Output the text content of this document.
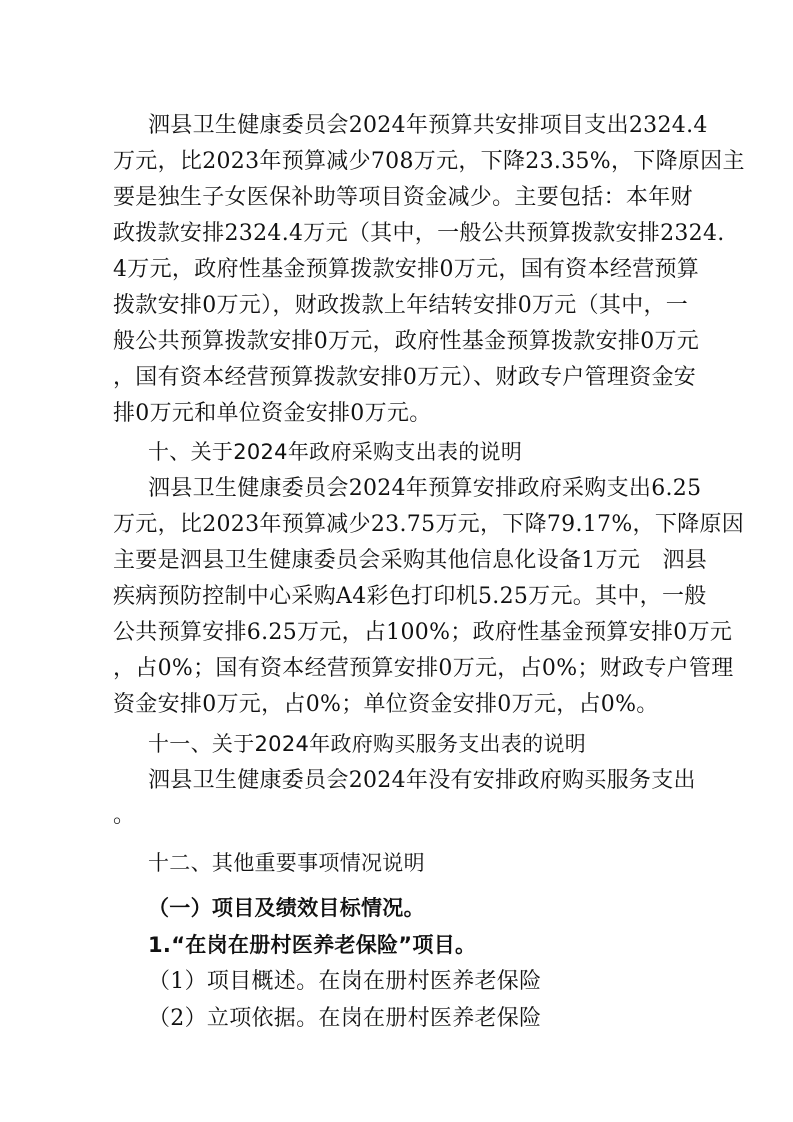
泗县卫生健康委员会2024年预算共安排项目支出2324.4
万元，比2023年预算减少708万元，下降23.35%，下降原因主
要是独生子女医保补助等项目资金减少。主要包括：本年财
政拨款安排2324.4万元（其中，一般公共预算拨款安排2324.
4万元，政府性基金预算拨款安排0万元，国有资本经营预算
拨款安排0万元），财政拨款上年结转安排0万元（其中，一
般公共预算拨款安排0万元，政府性基金预算拨款安排0万元
，国有资本经营预算拨款安排0万元）、财政专户管理资金安
排0万元和单位资金安排0万元。
十、关于2024年政府采购支出表的说明
泗县卫生健康委员会2024年预算安排政府采购支出6.25
万元，比2023年预算减少23.75万元，下降79.17%，下降原因
主要是泗县卫生健康委员会采购其他信息化设备1万元　泗县
疾病预防控制中心采购A4彩色打印机5.25万元。其中，一般
公共预算安排6.25万元，占100%；政府性基金预算安排0万元
，占0%；国有资本经营预算安排0万元，占0%；财政专户管理
资金安排0万元，占0%；单位资金安排0万元，占0%。
十一、关于2024年政府购买服务支出表的说明
泗县卫生健康委员会2024年没有安排政府购买服务支出
。
十二、其他重要事项情况说明
（一）项目及绩效目标情况。
1.“在岗在册村医养老保险”项目。
（1）项目概述。在岗在册村医养老保险
（2）立项依据。在岗在册村医养老保险
